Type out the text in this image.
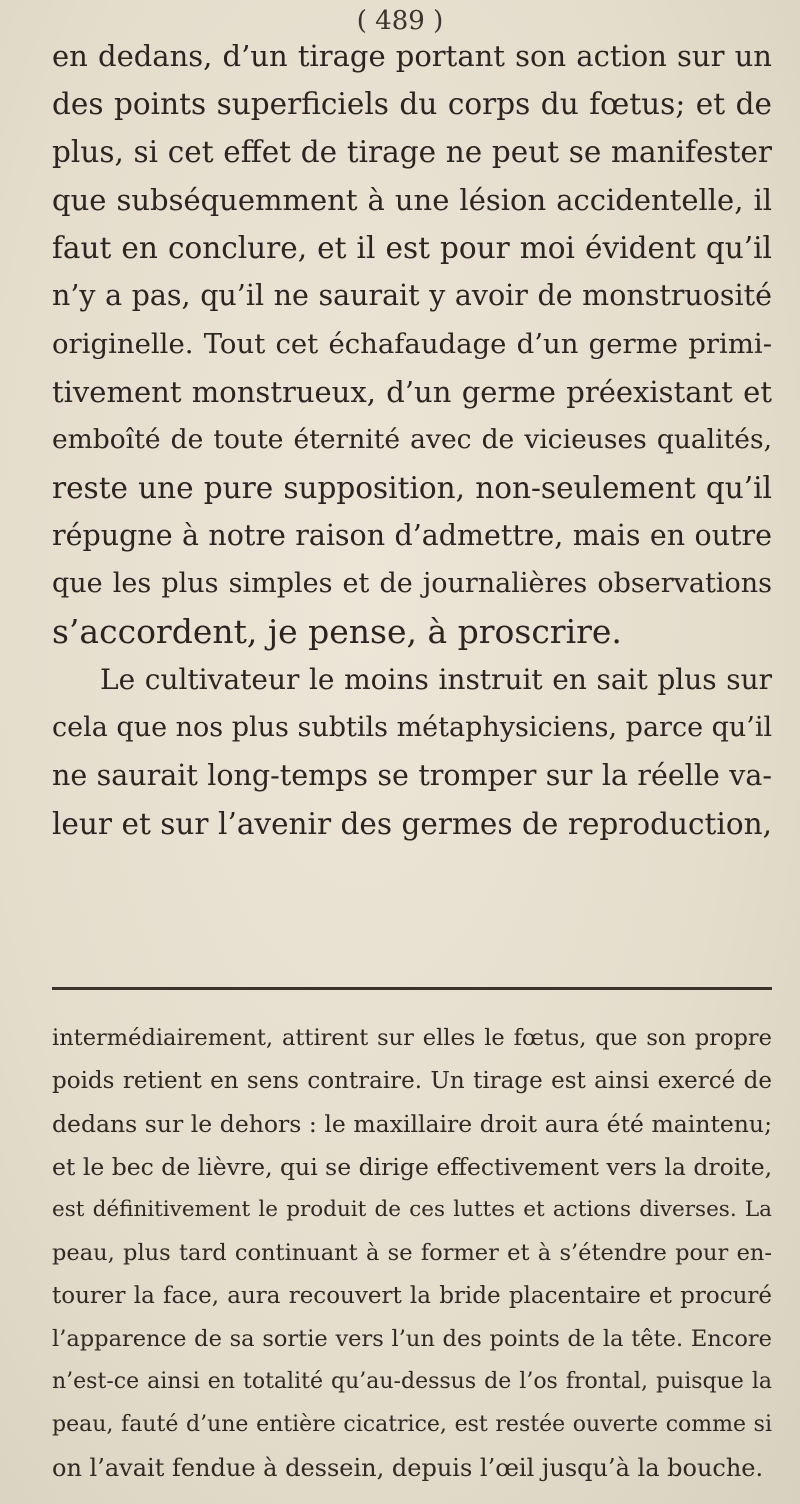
( 489 )
en dedans, d’un tirage portant son action sur un
des points superficiels du corps du fœtus; et de
plus, si cet effet de tirage ne peut se manifester
que subséquemment à une lésion accidentelle, il
faut en conclure, et il est pour moi évident qu’il
n’y a pas, qu’il ne saurait y avoir de monstruosité
originelle. Tout cet échafaudage d’un germe primi-
tivement monstrueux, d’un germe préexistant et
emboîté de toute éternité avec de vicieuses qualités,
reste une pure supposition, non-seulement qu’il
répugne à notre raison d’admettre, mais en outre
que les plus simples et de journalières observations
s’accordent, je pense, à proscrire.
Le cultivateur le moins instruit en sait plus sur
cela que nos plus subtils métaphysiciens, parce qu’il
ne saurait long-temps se tromper sur la réelle va-
leur et sur l’avenir des germes de reproduction,
intermédiairement, attirent sur elles le fœtus, que son propre
poids retient en sens contraire. Un tirage est ainsi exercé de
dedans sur le dehors : le maxillaire droit aura été maintenu;
et le bec de lièvre, qui se dirige effectivement vers la droite,
est définitivement le produit de ces luttes et actions diverses. La
peau, plus tard continuant à se former et à s’étendre pour en-
tourer la face, aura recouvert la bride placentaire et procuré
l’apparence de sa sortie vers l’un des points de la tête. Encore
n’est-ce ainsi en totalité qu’au-dessus de l’os frontal, puisque la
peau, fauté d’une entière cicatrice, est restée ouverte comme si
on l’avait fendue à dessein, depuis l’œil jusqu’à la bouche.
